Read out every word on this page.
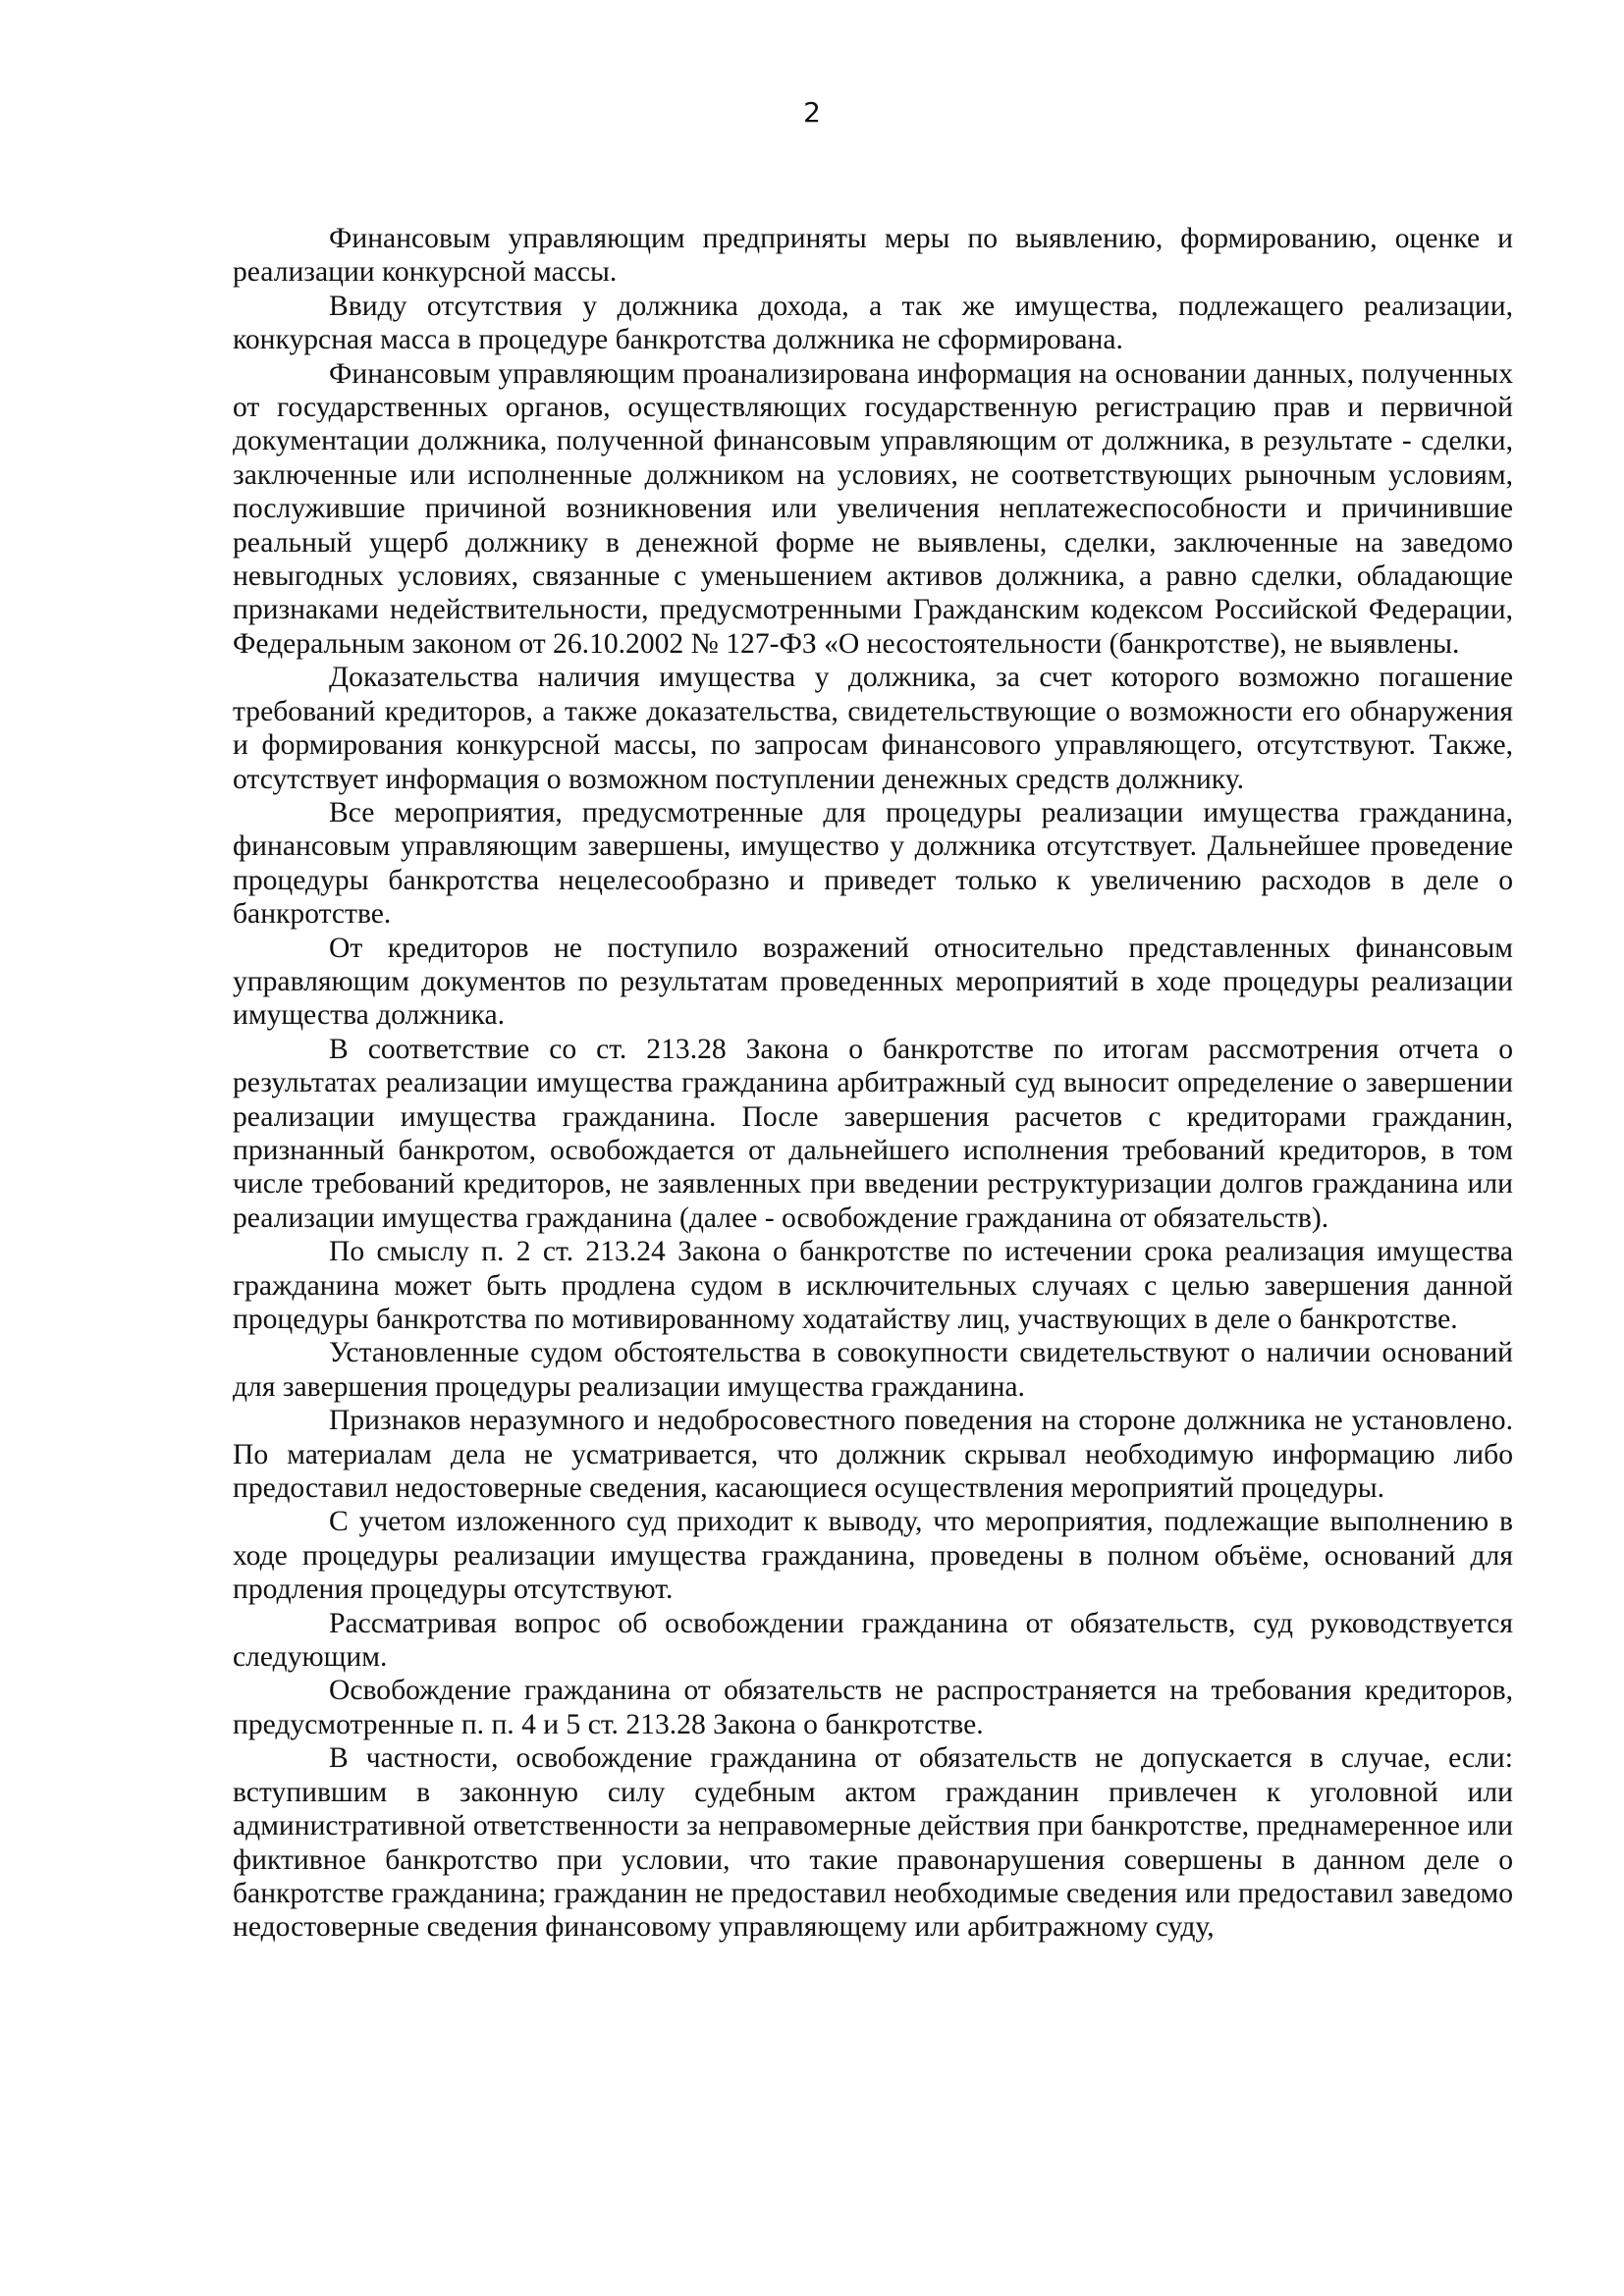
2

Финансовым управляющим предприняты меры по выявлению, формированию, оценке и реализации конкурсной массы.

Ввиду отсутствия у должника дохода, а так же имущества, подлежащего реализации, конкурсная масса в процедуре банкротства должника не сформирована.

Финансовым управляющим проанализирована информация на основании данных, полученных от государственных органов, осуществляющих государственную регистрацию прав и первичной документации должника, полученной финансовым управляющим от должника, в результате - сделки, заключенные или исполненные должником на условиях, не соответствующих рыночным условиям, послужившие причиной возникновения или увеличения неплатежеспособности и причинившие реальный ущерб должнику в денежной форме не выявлены, сделки, заключенные на заведомо невыгодных условиях, связанные с уменьшением активов должника, а равно сделки, обладающие признаками недействительности, предусмотренными Гражданским кодексом Российской Федерации, Федеральным законом от 26.10.2002 № 127-ФЗ «О несостоятельности (банкротстве), не выявлены.

Доказательства наличия имущества у должника, за счет которого возможно погашение требований кредиторов, а также доказательства, свидетельствующие о возможности его обнаружения и формирования конкурсной массы, по запросам финансового управляющего, отсутствуют. Также, отсутствует информация о возможном поступлении денежных средств должнику.

Все мероприятия, предусмотренные для процедуры реализации имущества гражданина, финансовым управляющим завершены, имущество у должника отсутствует. Дальнейшее проведение процедуры банкротства нецелесообразно и приведет только к увеличению расходов в деле о банкротстве.

От кредиторов не поступило возражений относительно представленных финансовым управляющим документов по результатам проведенных мероприятий в ходе процедуры реализации имущества должника.

В соответствие со ст. 213.28 Закона о банкротстве по итогам рассмотрения отчета о результатах реализации имущества гражданина арбитражный суд выносит определение о завершении реализации имущества гражданина. После завершения расчетов с кредиторами гражданин, признанный банкротом, освобождается от дальнейшего исполнения требований кредиторов, в том числе требований кредиторов, не заявленных при введении реструктуризации долгов гражданина или реализации имущества гражданина (далее - освобождение гражданина от обязательств).

По смыслу п. 2 ст. 213.24 Закона о банкротстве по истечении срока реализация имущества гражданина может быть продлена судом в исключительных случаях с целью завершения данной процедуры банкротства по мотивированному ходатайству лиц, участвующих в деле о банкротстве.

Установленные судом обстоятельства в совокупности свидетельствуют о наличии оснований для завершения процедуры реализации имущества гражданина.

Признаков неразумного и недобросовестного поведения на стороне должника не установлено. По материалам дела не усматривается, что должник скрывал необходимую информацию либо предоставил недостоверные сведения, касающиеся осуществления мероприятий процедуры.

С учетом изложенного суд приходит к выводу, что мероприятия, подлежащие выполнению в ходе процедуры реализации имущества гражданина, проведены в полном объёме, оснований для продления процедуры отсутствуют.

Рассматривая вопрос об освобождении гражданина от обязательств, суд руководствуется следующим.

Освобождение гражданина от обязательств не распространяется на требования кредиторов, предусмотренные п. п. 4 и 5 ст. 213.28 Закона о банкротстве.

В частности, освобождение гражданина от обязательств не допускается в случае, если: вступившим в законную силу судебным актом гражданин привлечен к уголовной или административной ответственности за неправомерные действия при банкротстве, преднамеренное или фиктивное банкротство при условии, что такие правонарушения совершены в данном деле о банкротстве гражданина; гражданин не предоставил необходимые сведения или предоставил заведомо недостоверные сведения финансовому управляющему или арбитражному суду,
